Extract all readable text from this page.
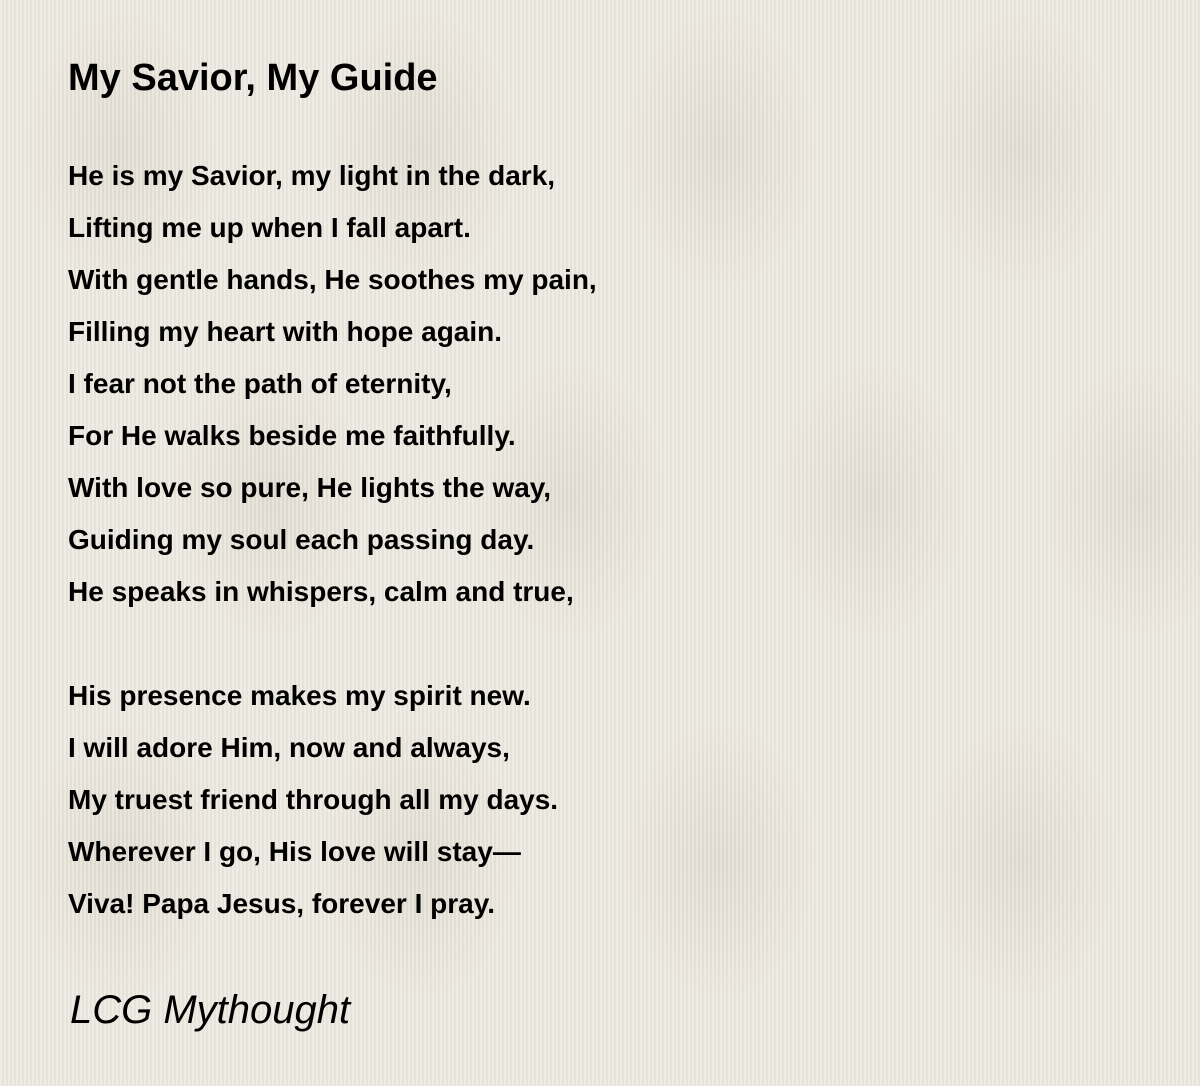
My Savior, My Guide

He is my Savior, my light in the dark,
Lifting me up when I fall apart.
With gentle hands, He soothes my pain,
Filling my heart with hope again.
I fear not the path of eternity,
For He walks beside me faithfully.
With love so pure, He lights the way,
Guiding my soul each passing day.
He speaks in whispers, calm and true,

His presence makes my spirit new.
I will adore Him, now and always,
My truest friend through all my days.
Wherever I go, His love will stay—
Viva! Papa Jesus, forever I pray.

LCG Mythought
